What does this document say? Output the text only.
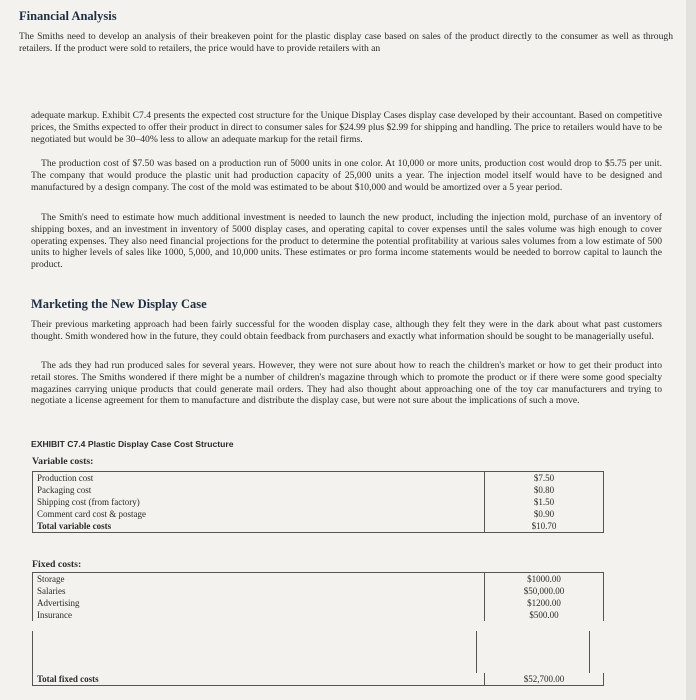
Financial Analysis
The Smiths need to develop an analysis of their breakeven point for the plastic display case based on sales of the product directly to the consumer as well as through retailers. If the product were sold to retailers, the price would have to provide retailers with an
adequate markup. Exhibit C7.4 presents the expected cost structure for the Unique Display Cases display case developed by their accountant. Based on competitive prices, the Smiths expected to offer their product in direct to consumer sales for $24.99 plus $2.99 for shipping and handling. The price to retailers would have to be negotiated but would be 30–40% less to allow an adequate markup for the retail firms.
The production cost of $7.50 was based on a production run of 5000 units in one color. At 10,000 or more units, production cost would drop to $5.75 per unit. The company that would produce the plastic unit had production capacity of 25,000 units a year. The injection model itself would have to be designed and manufactured by a design company. The cost of the mold was estimated to be about $10,000 and would be amortized over a 5 year period.
The Smith's need to estimate how much additional investment is needed to launch the new product, including the injection mold, purchase of an inventory of shipping boxes, and an investment in inventory of 5000 display cases, and operating capital to cover expenses until the sales volume was high enough to cover operating expenses. They also need financial projections for the product to determine the potential profitability at various sales volumes from a low estimate of 500 units to higher levels of sales like 1000, 5,000, and 10,000 units. These estimates or pro forma income statements would be needed to borrow capital to launch the product.
Marketing the New Display Case
Their previous marketing approach had been fairly successful for the wooden display case, although they felt they were in the dark about what past customers thought. Smith wondered how in the future, they could obtain feedback from purchasers and exactly what information should be sought to be managerially useful.
The ads they had run produced sales for several years. However, they were not sure about how to reach the children's market or how to get their product into retail stores. The Smiths wondered if there might be a number of children's magazine through which to promote the product or if there were some good specialty magazines carrying unique products that could generate mail orders. They had also thought about approaching one of the toy car manufacturers and trying to negotiate a license agreement for them to manufacture and distribute the display case, but were not sure about the implications of such a move.
EXHIBIT C7.4 Plastic Display Case Cost Structure
Variable costs:
Production cost	$7.50
Packaging cost	$0.80
Shipping cost (from factory)	$1.50
Comment card cost & postage	$0.90
Total variable costs	$10.70
Fixed costs:
Storage	$1000.00
Salaries	$50,000.00
Advertising	$1200.00
Insurance	$500.00
Total fixed costs	$52,700.00
